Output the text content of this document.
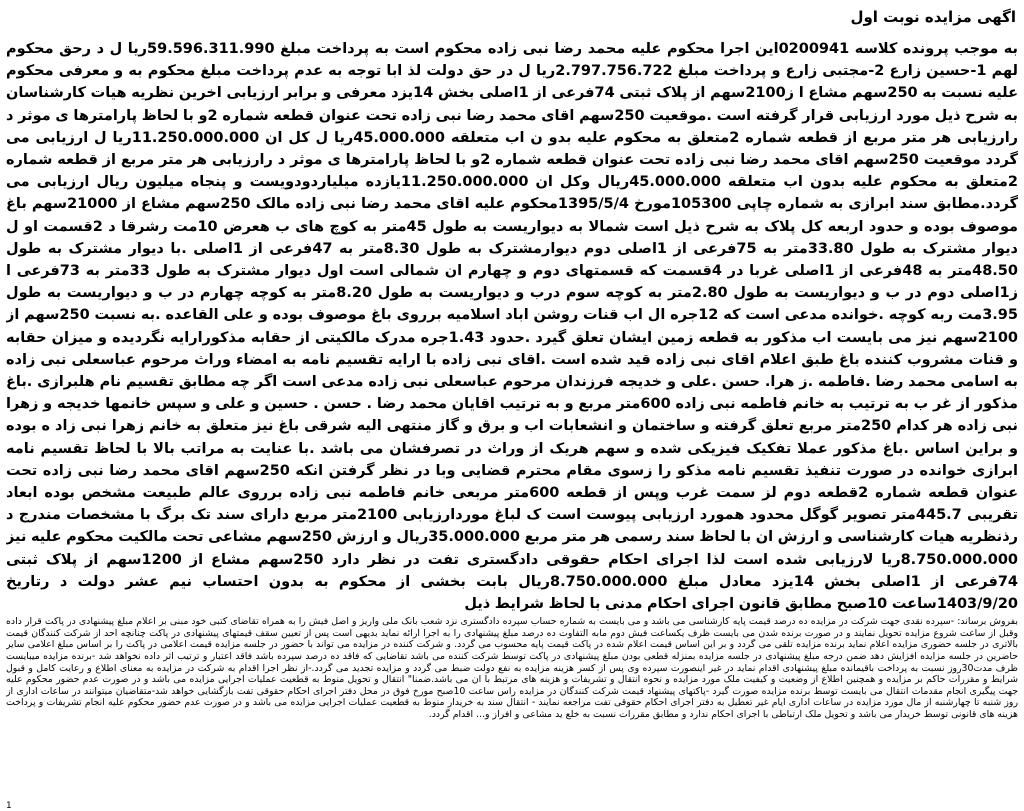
اگهی مزایده نوبت اول

به موجب پرونده کلاسه 0200941این اجرا محکوم علیه محمد رضا نبی زاده محکوم است به پرداخت مبلغ 59.596.311.990ریا ل د رحق محکوم لهم 1-حسین زارع 2-مجتبی زارع و پرداخت مبلغ 2.797.756.722ریا ل در حق دولت لذ ابا توجه به عدم پرداخت مبلغ محکوم به و معرفی محکوم علیه نسبت به 250سهم مشاع ا ز2100سهم از پلاک ثبتی 74فرعی از 1اصلی بخش 14یزد معرفی و برابر ارزیابی اخرین نظریه هیات کارشناسان به شرح ذیل مورد ارزیابی قرار گرفته است .موقعیت 250سهم اقای محمد رضا نبی زاده تحت عنوان قطعه شماره 2و با لحاظ پارامترها ی موثر د رارزیابی هر متر مربع از قطعه شماره 2متعلق به محکوم علیه بدو ن اب متعلقه 45.000.000ریا ل کل ان 11.250.000.000ریا ل ارزیابی می گردد موقعیت 250سهم اقای محمد رضا نبی زاده تحت عنوان قطعه شماره 2و با لحاظ پارامترها ی موثر د رارزیابی هر متر مربع از قطعه شماره 2متعلق به محکوم علیه بدون اب متعلقه 45.000.000ریال وکل ان 11.250.000.000یازده میلیاردودویست و پنجاه میلیون ریال ارزیابی می گردد.مطابق سند ابرازی به شماره چاپی 105300مورخ 1395/5/4محکوم علیه اقای محمد رضا نبی زاده مالک 250سهم مشاع از 21000سهم باغ موصوف بوده و حدود اربعه کل پلاک به شرح ذیل است شمالا به دیواریست به طول 45متر به کوچ های ب هعرض 10مت رشرقا د 2قسمت او ل دیوار مشترک به طول 33.80متر به 75فرعی از 1اصلی دوم دیوارمشترک به طول 8.30متر به 47فرعی از 1اصلی .با دیوار مشترک به طول 48.50متر به 48فرعی از 1اصلی غربا در 4قسمت که قسمتهای دوم و چهارم ان شمالی است اول دیوار مشترک به طول 33متر به 73فرعی ا ز1اصلی دوم در ب و دیواریست به طول 2.80متر به کوچه سوم درب و دیواریست به طول 8.20متر به کوچه چهارم در ب و دیواریست به طول 3.95مت ربه کوچه .خوانده مدعی است که 12جره ال اب قنات روشن اباد اسلامیه برروی باغ موصوف بوده و علی القاعده .به نسبت 250سهم از 2100سهم نیز می بایست اب مذکور به قطعه زمین ایشان تعلق گیرد .حدود 1.43جره مدرک مالکیتی از حقابه مذکورارایه نگردیده و میزان حقابه و قنات مشروب کننده باغ طبق اعلام اقای نبی زاده قید شده است .اقای نبی زاده با ارایه تقسیم نامه به امضاء وراث مرحوم عباسعلی نبی زاده به اسامی محمد رضا .فاطمه .ز هرا. حسن .علی و خدیجه فرزندان مرحوم عباسعلی نبی زاده مدعی است اگر چه مطابق تقسیم نام هلبرازی .باغ مذکور از غر ب به ترتیب به خانم فاطمه نبی زاده 600متر مربع و به ترتیب اقایان محمد رضا . حسن . حسین و علی و سپس خانمها خدیجه و زهرا نبی زاده هر کدام 250متر مربع تعلق گرفته و ساختمان و انشعابات اب و برق و گاز منتهی الیه شرقی باغ نیز متعلق به خانم زهرا نبی زاد ه بوده و براین اساس .باغ مذکور عملا تفکیک فیزیکی شده و سهم هریک از وراث در تصرفشان می باشد .با عنایت به مراتب بالا با لحاظ تقسیم نامه ابرازی خوانده در صورت تنفیذ تقسیم نامه مذکو را زسوی مقام محترم قضایی وبا در نظر گرفتن انکه 250سهم اقای محمد رضا نبی زاده تحت عنوان قطعه شماره 2قطعه دوم لز سمت غرب وپس از قطعه 600متر مربعی خانم فاطمه نبی زاده برروی عالم طبیعت مشخص بوده ابعاد تقریبی 445.7متر تصویر گوگل محدود همورد ارزیابی پیوست است ک لباغ موردارزیابی 2100متر مربع دارای سند تک برگ با مشخصات مندرج د رذنظریه هیات کارشناسی و ارزش ان با لحاظ سند رسمی هر متر مربع 35.000.000ریال و ارزش 250سهم مشاعی تحت مالکیت محکوم علیه نیز 8.750.000.000ریا لارزیابی شده است لذا اجرای احکام حقوقی دادگستری تفت در نظر دارد 250سهم مشاع از 1200سهم از پلاک ثبتی 74فرعی از 1اصلی بخش 14یزد معادل مبلغ 8.750.000.000ریال بابت بخشی از محکوم به بدون احتساب نیم عشر دولت د رتاریخ 1403/9/20ساعت 10صبح مطابق قانون اجرای احکام مدنی با لحاظ شرایط ذیل

بفروش برساند: -سپرده نقدی جهت شرکت در مزایده ده درصد قیمت پایه کارشناسی می باشد و می بایست به شماره حساب سپرده دادگستری نزد شعب بانک ملی واریز و اصل فیش را به همراه تقاضای کتبی خود مبنی بر اعلام مبلغ پیشنهادی در پاکت قرار داده وقبل از ساعت شروع مزایده تحویل نمایند و در صورت برنده شدن می بایست ظرف یکساعت فیش دوم مابه التفاوت ده درصد مبلغ پیشنهادی را به اجرا ارائه نماید بدیهی است پس از تعیین سقف قیمتهای پیشنهادی در پاکت چنانچه احد از شرکت کنندگان قیمت بالاتری در جلسه حضوری مزایده اعلام نماید برنده مزایده تلقی می گردد و بر این اساس قیمت اعلام شده در پاکت قیمت پایه محسوب می گردد. و شرکت کننده در مزایده می تواند با حضور در جلسه مزایده قیمت اعلامی در پاکت را بر اساس مبلغ اعلامی سایر حاضرین در جلسه مزایده افزایش دهد ضمن درجه مبلغ پیشنهادی در جلسه مزایده بمنزله قطعی بودن مبلغ پیشنهادی در پاکت توسط شرکت کننده می باشد تقاضایی که فاقد ده درصد سپرده باشد فاقد اعتبار و ترتیب اثر داده نخواهد شد -برنده مزایده میبایست ظرف مدت30روز نسبت به پرداخت باقیمانده مبلغ پیشنهادی اقدام نماید در غیر اینصورت سپرده وی پس از کسر هزینه مزایده به نفع دولت ضبط می گردد و مزایده تجدید می گردد.-از نظر اجرا اقدام به شرکت در مزایده به معنای اطلاع و رعایت کامل و قبول شرایط و مقررات حاکم بر مزایده و همچنین اطلاع از وضعیت و کیفیت ملک مورد مزایده و نحوه انتقال و تشریفات و هزینه های مرتبط با ان می باشد.ضمنا" انتقال و تحویل منوط به قطعیت عملیات اجرایی مزایده می باشد و در صورت عدم حضور محکوم علیه جهت پیگیری انجام مقدمات انتقال می بایست توسط برنده مزایده صورت گیرد -پاکتهای پیشنهاد قیمت شرکت کنندگان در مزایده راس ساعت 10صبح مورخ فوق در محل دفتر اجرای احکام حقوقی تفت بازگشایی خواهد شد-متقاضیان میتوانند در ساعات اداری از روز شنبه تا چهارشنبه از مال مورد مزایده در ساعات اداری ایام غیر تعطیل به دفتر اجرای احکام حقوقی تفت مراجعه نمایند - انتقال سند به خریدار منوط به قطعیت عملیات اجرایی مزایده می باشد و در صورت عدم حضور محکوم علیه انجام تشریفات و پرداخت هزینه های قانونی توسط خریدار می باشد و تحویل ملک ارتباطی با اجرای احکام ندارد و مطابق مقررات نسبت به خلع ید مشاعی و افراز و... اقدام گردد.

1
